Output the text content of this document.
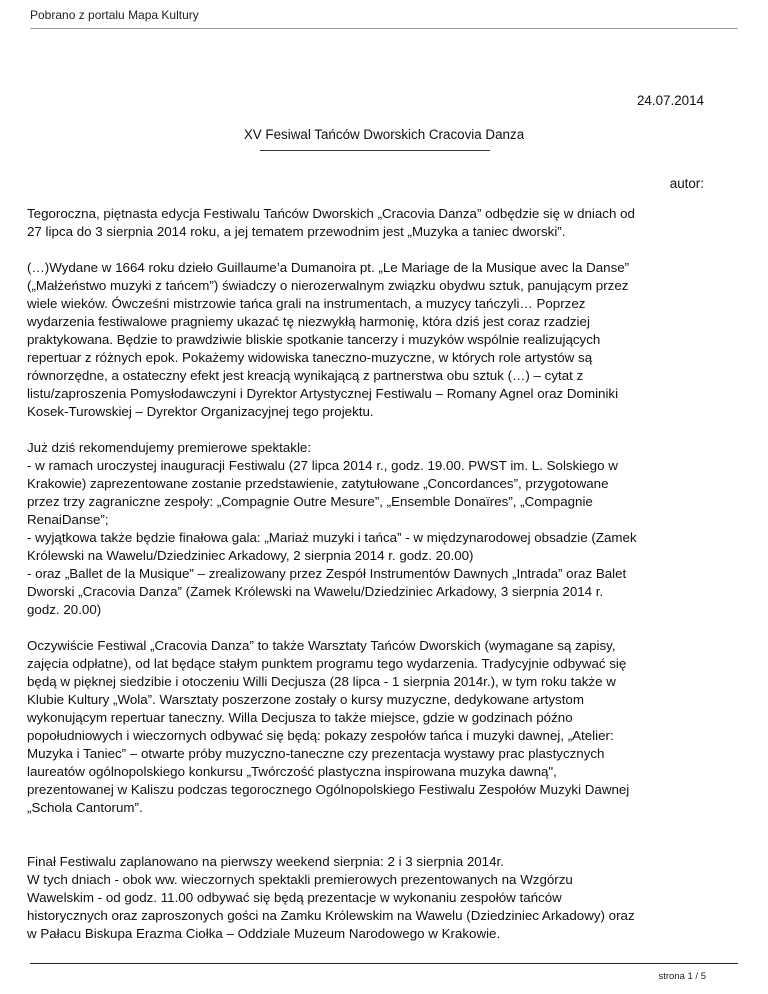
Pobrano z portalu Mapa Kultury
24.07.2014
XV Fesiwal Tańców Dworskich Cracovia Danza
autor:

Tegoroczna, piętnasta edycja Festiwalu Tańców Dworskich „Cracovia Danza” odbędzie się w dniach od
27 lipca do 3 sierpnia 2014 roku, a jej tematem przewodnim jest „Muzyka a taniec dworski”.

(…)Wydane w 1664 roku dzieło Guillaume’a Dumanoira pt. „Le Mariage de la Musique avec la Danse”
(„Małżeństwo muzyki z tańcem”) świadczy o nierozerwalnym związku obydwu sztuk, panującym przez
wiele wieków. Ówcześni mistrzowie tańca grali na instrumentach, a muzycy tańczyli… Poprzez
wydarzenia festiwalowe pragniemy ukazać tę niezwykłą harmonię, która dziś jest coraz rzadziej
praktykowana. Będzie to prawdziwie bliskie spotkanie tancerzy i muzyków wspólnie realizujących
repertuar z różnych epok. Pokażemy widowiska taneczno-muzyczne, w których role artystów są
równorzędne, a ostateczny efekt jest kreacją wynikającą z partnerstwa obu sztuk (…) – cytat z
listu/zaproszenia Pomysłodawczyni i Dyrektor Artystycznej Festiwalu – Romany Agnel oraz Dominiki
Kosek-Turowskiej – Dyrektor Organizacyjnej tego projektu.

Już dziś rekomendujemy premierowe spektakle:
- w ramach uroczystej inauguracji Festiwalu (27 lipca 2014 r., godz. 19.00. PWST im. L. Solskiego w
Krakowie) zaprezentowane zostanie przedstawienie, zatytułowane „Concordances”, przygotowane
przez trzy zagraniczne zespoły: „Compagnie Outre Mesure”, „Ensemble Donaïres”, „Compagnie
RenaiDanse”;
- wyjątkowa także będzie finałowa gala: „Mariaż muzyki i tańca” - w międzynarodowej obsadzie (Zamek
Królewski na Wawelu/Dziedziniec Arkadowy, 2 sierpnia 2014 r. godz. 20.00)
- oraz „Ballet de la Musique” – zrealizowany przez Zespół Instrumentów Dawnych „Intrada” oraz Balet
Dworski „Cracovia Danza” (Zamek Królewski na Wawelu/Dziedziniec Arkadowy, 3 sierpnia 2014 r.
godz. 20.00)

Oczywiście Festiwal „Cracovia Danza” to także Warsztaty Tańców Dworskich (wymagane są zapisy,
zajęcia odpłatne), od lat będące stałym punktem programu tego wydarzenia. Tradycyjnie odbywać się
będą w pięknej siedzibie i otoczeniu Willi Decjusza (28 lipca - 1 sierpnia 2014r.), w tym roku także w
Klubie Kultury „Wola”. Warsztaty poszerzone zostały o kursy muzyczne, dedykowane artystom
wykonującym repertuar taneczny. Willa Decjusza to także miejsce, gdzie w godzinach późno
popołudniowych i wieczornych odbywać się będą: pokazy zespołów tańca i muzyki dawnej, „Atelier:
Muzyka i Taniec” – otwarte próby muzyczno-taneczne czy prezentacja wystawy prac plastycznych
laureatów ogólnopolskiego konkursu „Twórczość plastyczna inspirowana muzyka dawną",
prezentowanej w Kaliszu podczas tegorocznego Ogólnopolskiego Festiwalu Zespołów Muzyki Dawnej
„Schola Cantorum”.

Finał Festiwalu zaplanowano na pierwszy weekend sierpnia: 2 i 3 sierpnia 2014r.
W tych dniach - obok ww. wieczornych spektakli premierowych prezentowanych na Wzgórzu
Wawelskim - od godz. 11.00 odbywać się będą prezentacje w wykonaniu zespołów tańców
historycznych oraz zaproszonych gości na Zamku Królewskim na Wawelu (Dziedziniec Arkadowy) oraz
w Pałacu Biskupa Erazma Ciołka – Oddziale Muzeum Narodowego w Krakowie.

strona 1 / 5
